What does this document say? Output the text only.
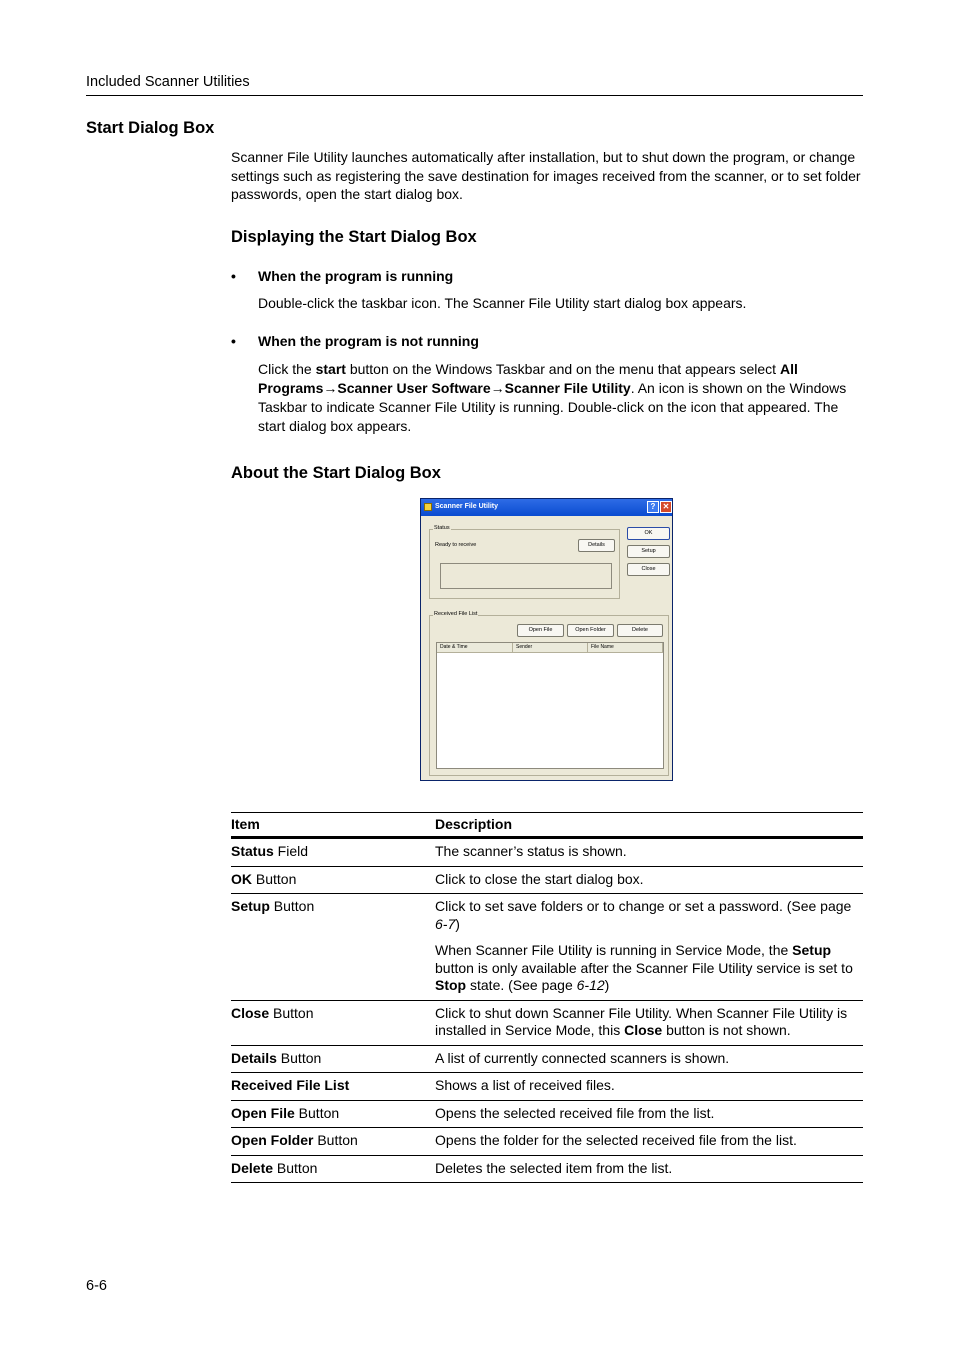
Included Scanner Utilities
Start Dialog Box
Scanner File Utility launches automatically after installation, but to shut down the program, or change settings such as registering the save destination for images received from the scanner, or to set folder passwords, open the start dialog box.
Displaying the Start Dialog Box
• When the program is running
Double-click the taskbar icon. The Scanner File Utility start dialog box appears.
• When the program is not running
Click the start button on the Windows Taskbar and on the menu that appears select All Programs→Scanner User Software→Scanner File Utility. An icon is shown on the Windows Taskbar to indicate Scanner File Utility is running. Double-click on the icon that appeared. The start dialog box appears.
About the Start Dialog Box
Scanner File Utility	? ✕
Status
Ready to receive	Details
OK
Setup
Close
Received File List
Open File	Open Folder	Delete
Date & Time	Sender	File Name
Item	Description
Status Field	The scanner’s status is shown.
OK Button	Click to close the start dialog box.
Setup Button	Click to set save folders or to change or set a password. (See page 6-7)

When Scanner File Utility is running in Service Mode, the Setup button is only available after the Scanner File Utility service is set to Stop state. (See page 6-12)

Close Button	Click to shut down Scanner File Utility. When Scanner File Utility is installed in Service Mode, this Close button is not shown.
Details Button	A list of currently connected scanners is shown.
Received File List	Shows a list of received files.
Open File Button	Opens the selected received file from the list.
Open Folder Button	Opens the folder for the selected received file from the list.
Delete Button	Deletes the selected item from the list.
6-6
